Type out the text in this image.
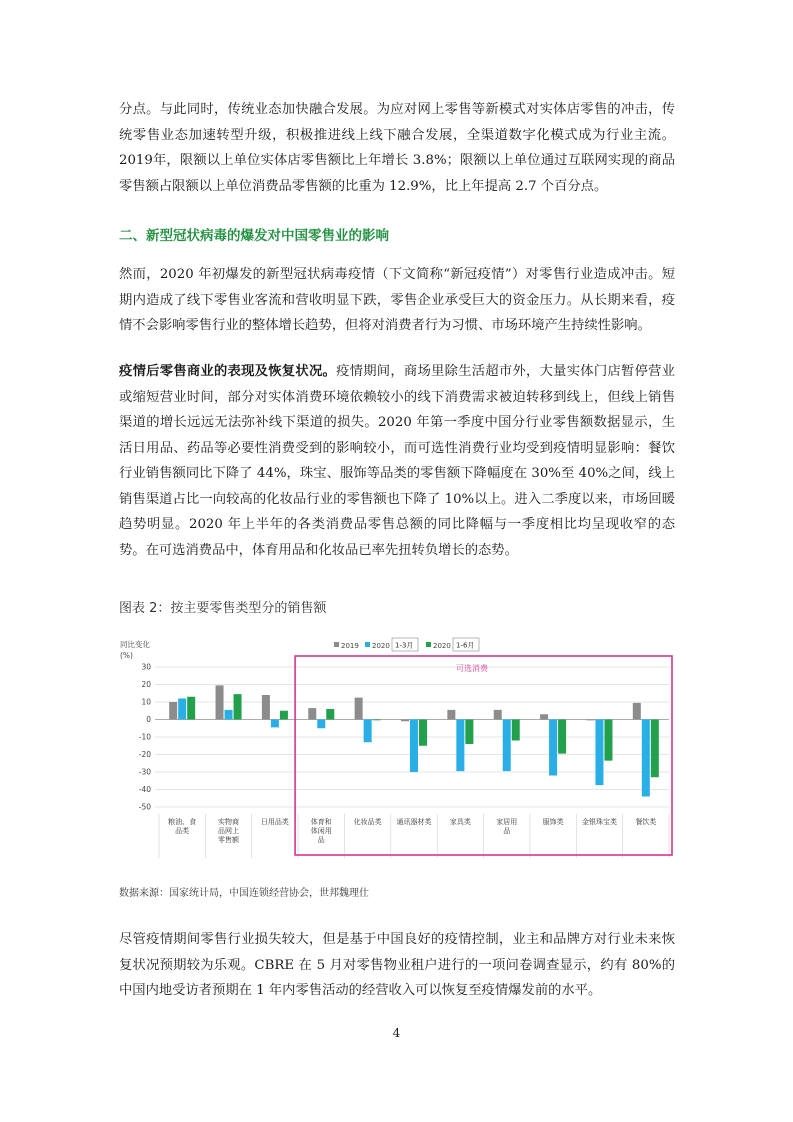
分点。与此同时，传统业态加快融合发展。为应对网上零售等新模式对实体店零售的冲击，传统零售业态加速转型升级，积极推进线上线下融合发展，全渠道数字化模式成为行业主流。2019年，限额以上单位实体店零售额比上年增长 3.8%；限额以上单位通过互联网实现的商品零售额占限额以上单位消费品零售额的比重为 12.9%，比上年提高 2.7 个百分点。

二、新型冠状病毒的爆发对中国零售业的影响

然而，2020 年初爆发的新型冠状病毒疫情（下文简称“新冠疫情”）对零售行业造成冲击。短期内造成了线下零售业客流和营收明显下跌，零售企业承受巨大的资金压力。从长期来看，疫情不会影响零售行业的整体增长趋势，但将对消费者行为习惯、市场环境产生持续性影响。

疫情后零售商业的表现及恢复状况。疫情期间，商场里除生活超市外，大量实体门店暂停营业或缩短营业时间，部分对实体消费环境依赖较小的线下消费需求被迫转移到线上，但线上销售渠道的增长远远无法弥补线下渠道的损失。2020 年第一季度中国分行业零售额数据显示，生活日用品、药品等必要性消费受到的影响较小，而可选性消费行业均受到疫情明显影响：餐饮行业销售额同比下降了 44%，珠宝、服饰等品类的零售额下降幅度在 30%至 40%之间，线上销售渠道占比一向较高的化妆品行业的零售额也下降了 10%以上。进入二季度以来，市场回暖趋势明显。2020 年上半年的各类消费品零售总额的同比降幅与一季度相比均呈现收窄的态势。在可选消费品中，体育用品和化妆品已率先扭转负增长的态势。

图表 2：按主要零售类型分的销售额

同比变化
(%)
2019 2020 1-3月	2020 1-6月
30
20
10
0
-10
-20
-30
-40
-50
粮油、食
品类
实物商
品网上
零售额
日用品类	体育和
体闲用
品
化妆品类 通讯器材类	家具类	家居用
品
服饰类	金银珠宝类	餐饮类
可选消费

数据来源：国家统计局，中国连锁经营协会，世邦魏理仕

尽管疫情期间零售行业损失较大，但是基于中国良好的疫情控制，业主和品牌方对行业未来恢复状况预期较为乐观。CBRE 在 5 月对零售物业租户进行的一项问卷调查显示，约有 80%的中国内地受访者预期在 1 年内零售活动的经营收入可以恢复至疫情爆发前的水平。

4
